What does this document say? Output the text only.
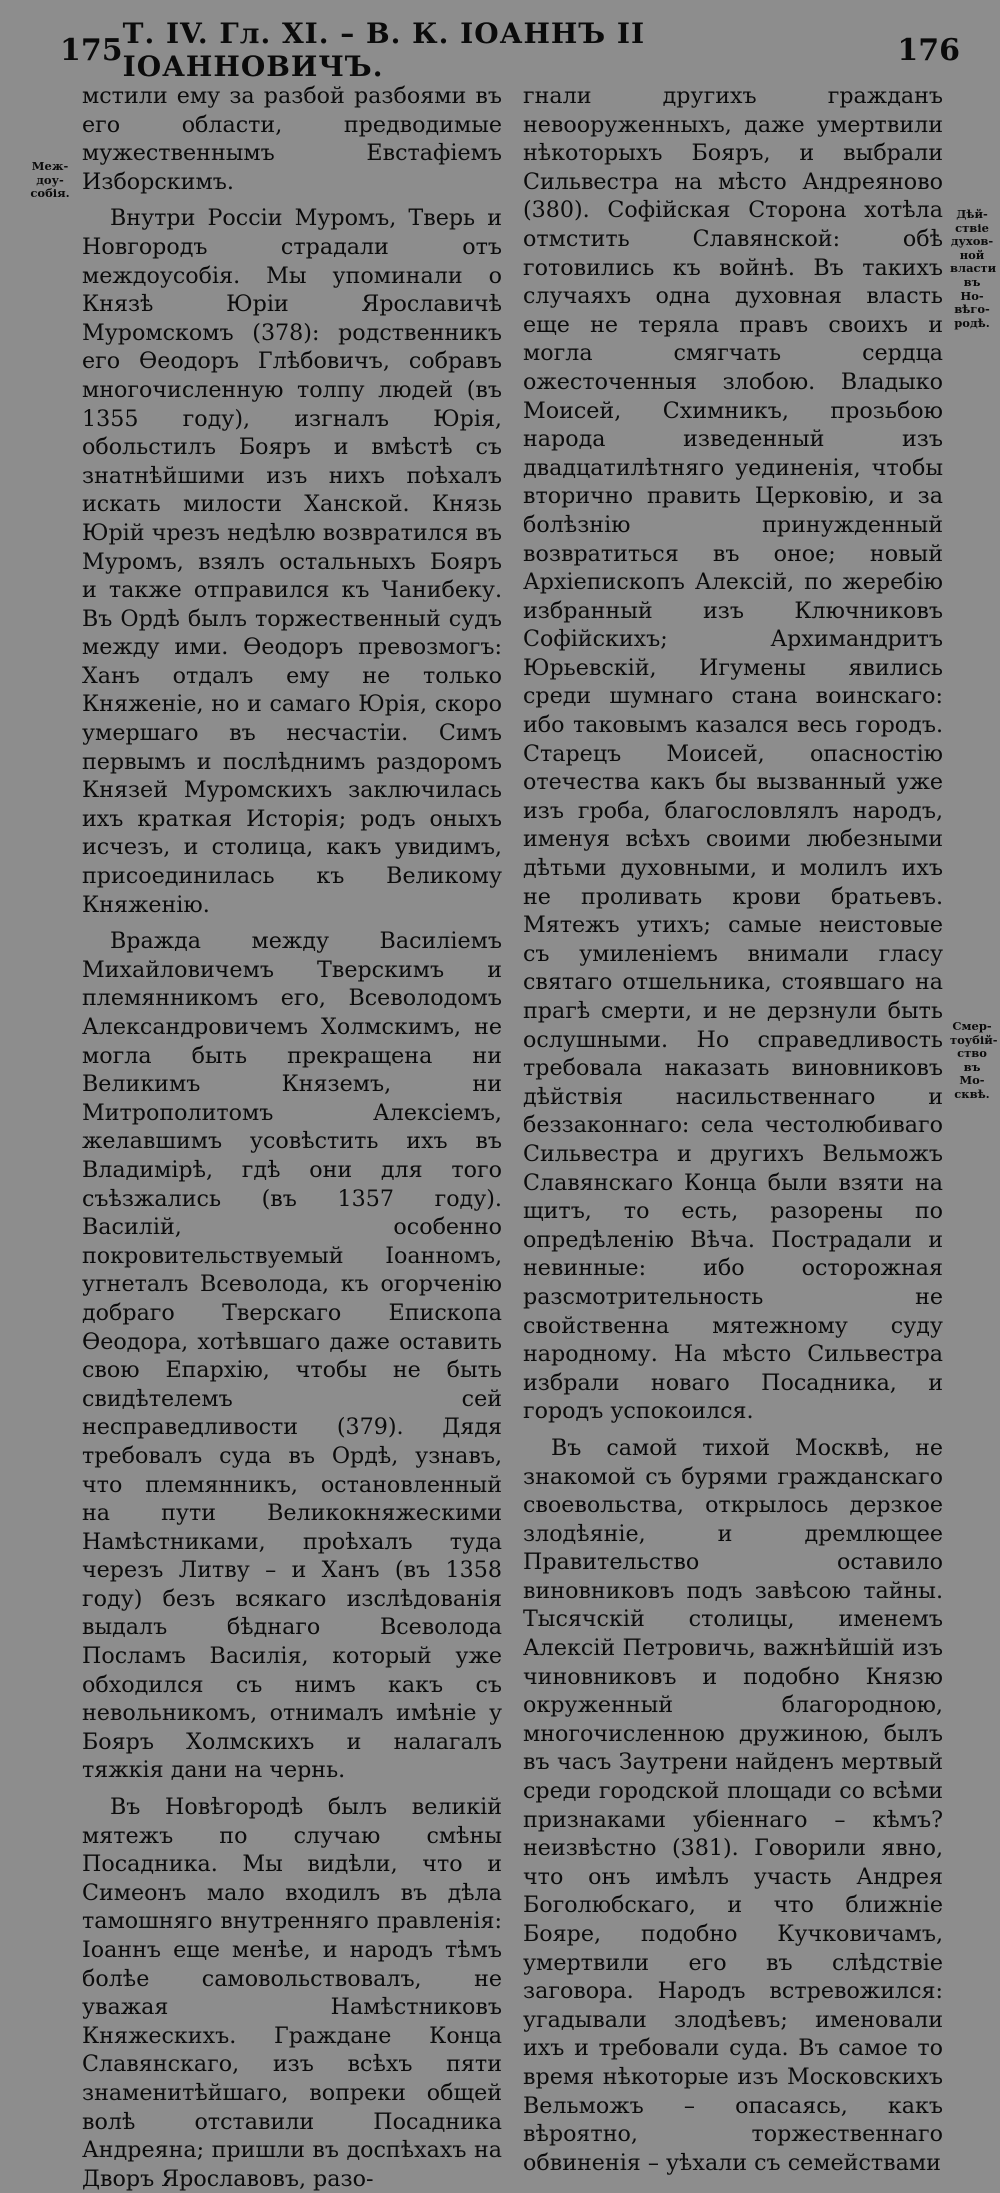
175 Т. IV. Гл. XI. – В. К. ІОАННЪ II ІОАННОВИЧЪ.	176
Меж-
доу-
собія.

мстили ему за разбой разбоями въ его области, предводимые мужественнымъ Евстафіемъ Изборскимъ.

Внутри Россіи Муромъ, Тверь и Новгородъ страдали отъ междоусобія. Мы упоминали о Князѣ Юріи Ярославичѣ Муромскомъ (378): родственникъ его Ѳеодоръ Глѣбовичъ, собравъ многочисленную толпу людей (въ 1355 году), изгналъ Юрія, обольстилъ Бояръ и вмѣстѣ съ знатнѣйшими изъ нихъ поѣхалъ искать милости Ханской. Князь Юрій чрезъ недѣлю возвратился въ Муромъ, взялъ остальныхъ Бояръ и также отправился къ Чанибеку. Въ Ордѣ былъ торжественный судъ между ими. Ѳеодоръ превозмогъ: Ханъ отдалъ ему не только Княженіе, но и самаго Юрія, скоро умершаго въ несчастіи. Симъ первымъ и послѣднимъ раздоромъ Князей Муромскихъ заключилась ихъ краткая Исторія; родъ оныхъ исчезъ, и столица, какъ увидимъ, присоединилась къ Великому Княженію.

Вражда между Василіемъ Михайловичемъ Тверскимъ и племянникомъ его, Всеволодомъ Александровичемъ Холмскимъ, не могла быть прекращена ни Великимъ Княземъ, ни Митрополитомъ Алексіемъ, желавшимъ усовѣстить ихъ въ Владимірѣ, гдѣ они для того съѣзжались (въ 1357 году). Василій, особенно покровительствуемый Іоанномъ, угнеталъ Всеволода, къ огорченію добраго Тверскаго Епископа Ѳеодора, хотѣвшаго даже оставить свою Епархію, чтобы не быть свидѣтелемъ сей несправедливости (379). Дядя требовалъ суда въ Ордѣ, узнавъ, что племянникъ, остановленный на пути Великокняжескими Намѣстниками, проѣхалъ туда черезъ Литву – и Ханъ (въ 1358 году) безъ всякаго изслѣдованія выдалъ бѣднаго Всеволода Посламъ Василія, который уже обходился съ нимъ какъ съ невольникомъ, отнималъ имѣніе у Бояръ Холмскихъ и налагалъ тяжкія дани на чернь.

Въ Новѣгородѣ былъ великій мятежъ по случаю смѣны Посадника. Мы видѣли, что и Симеонъ мало входилъ въ дѣла тамошняго внутренняго правленія: Іоаннъ еще менѣе, и народъ тѣмъ болѣе самовольствовалъ, не уважая Намѣстниковъ Княжескихъ. Граждане Конца Славянскаго, изъ всѣхъ пяти знаменитѣйшаго, вопреки общей волѣ отставили Посадника Андреяна; пришли въ доспѣхахъ на Дворъ Ярославовъ, разо-

гнали другихъ гражданъ невооруженныхъ, даже умертвили нѣкоторыхъ Бояръ, и выбрали Сильвестра на мѣсто Андреяново (380). Софійская Сторона хотѣла отмстить Славянской: обѣ готовились къ войнѣ. Въ такихъ случаяхъ одна духовная власть еще не теряла правъ своихъ и могла смягчать сердца ожесточенныя злобою. Владыко Моисей, Схимникъ, прозьбою народа изведенный изъ двадцатилѣтняго уединенія, чтобы вторично править Церковію, и за болѣзнію принужденный возвратиться въ оное; новый Архіепископъ Алексій, по жеребію избранный изъ Ключниковъ Софійскихъ; Архимандритъ Юрьевскій, Игумены явились среди шумнаго стана воинскаго: ибо таковымъ казался весь городъ. Старецъ Моисей, опасностію отечества какъ бы вызванный уже изъ гроба, благословлялъ народъ, именуя всѣхъ своими любезными дѣтьми духовными, и молилъ ихъ не проливать крови братьевъ. Мятежъ утихъ; самые неистовые съ умиленіемъ внимали гласу святаго отшельника, стоявшаго на прагѣ смерти, и не дерзнули быть ослушными. Но справедливость требовала наказать виновниковъ дѣйствія насильственнаго и беззаконнаго: села честолюбиваго Сильвестра и другихъ Вельможъ Славянскаго Конца были взяти на щитъ, то есть, разорены по опредѣленію Вѣча. Пострадали и невинные: ибо осторожная разсмотрительность не свойственна мятежному суду народному. На мѣсто Сильвестра избрали новаго Посадника, и городъ успокоился.

Въ самой тихой Москвѣ, не знакомой съ бурями гражданскаго своевольства, открылось дерзкое злодѣяніе, и дремлющее Правительство оставило виновниковъ подъ завѣсою тайны. Тысячскій столицы, именемъ Алексій Петровичь, важнѣйшій изъ чиновниковъ и подобно Князю окруженный благородною, многочисленною дружиною, былъ въ часъ Заутрени найденъ мертвый среди городской площади со всѣми признаками убіеннаго – кѣмъ? неизвѣстно (381). Говорили явно, что онъ имѣлъ участь Андрея Боголюбскаго, и что ближніе Бояре, подобно Кучковичамъ, умертвили его въ слѣдствіе заговора. Народъ встревожился: угадывали злодѣевъ; именовали ихъ и требовали суда. Въ самое то время нѣкоторые изъ Московскихъ Вельможъ – опасаясь, какъ вѣроятно, торжественнаго обвиненія – уѣхали съ семействами

Дѣй-
ствіе
духов-
ной
власти
въ Но-
вѣго-
родѣ.
Смер-
тоубій-
ство
въ Мо-
сквѣ.
